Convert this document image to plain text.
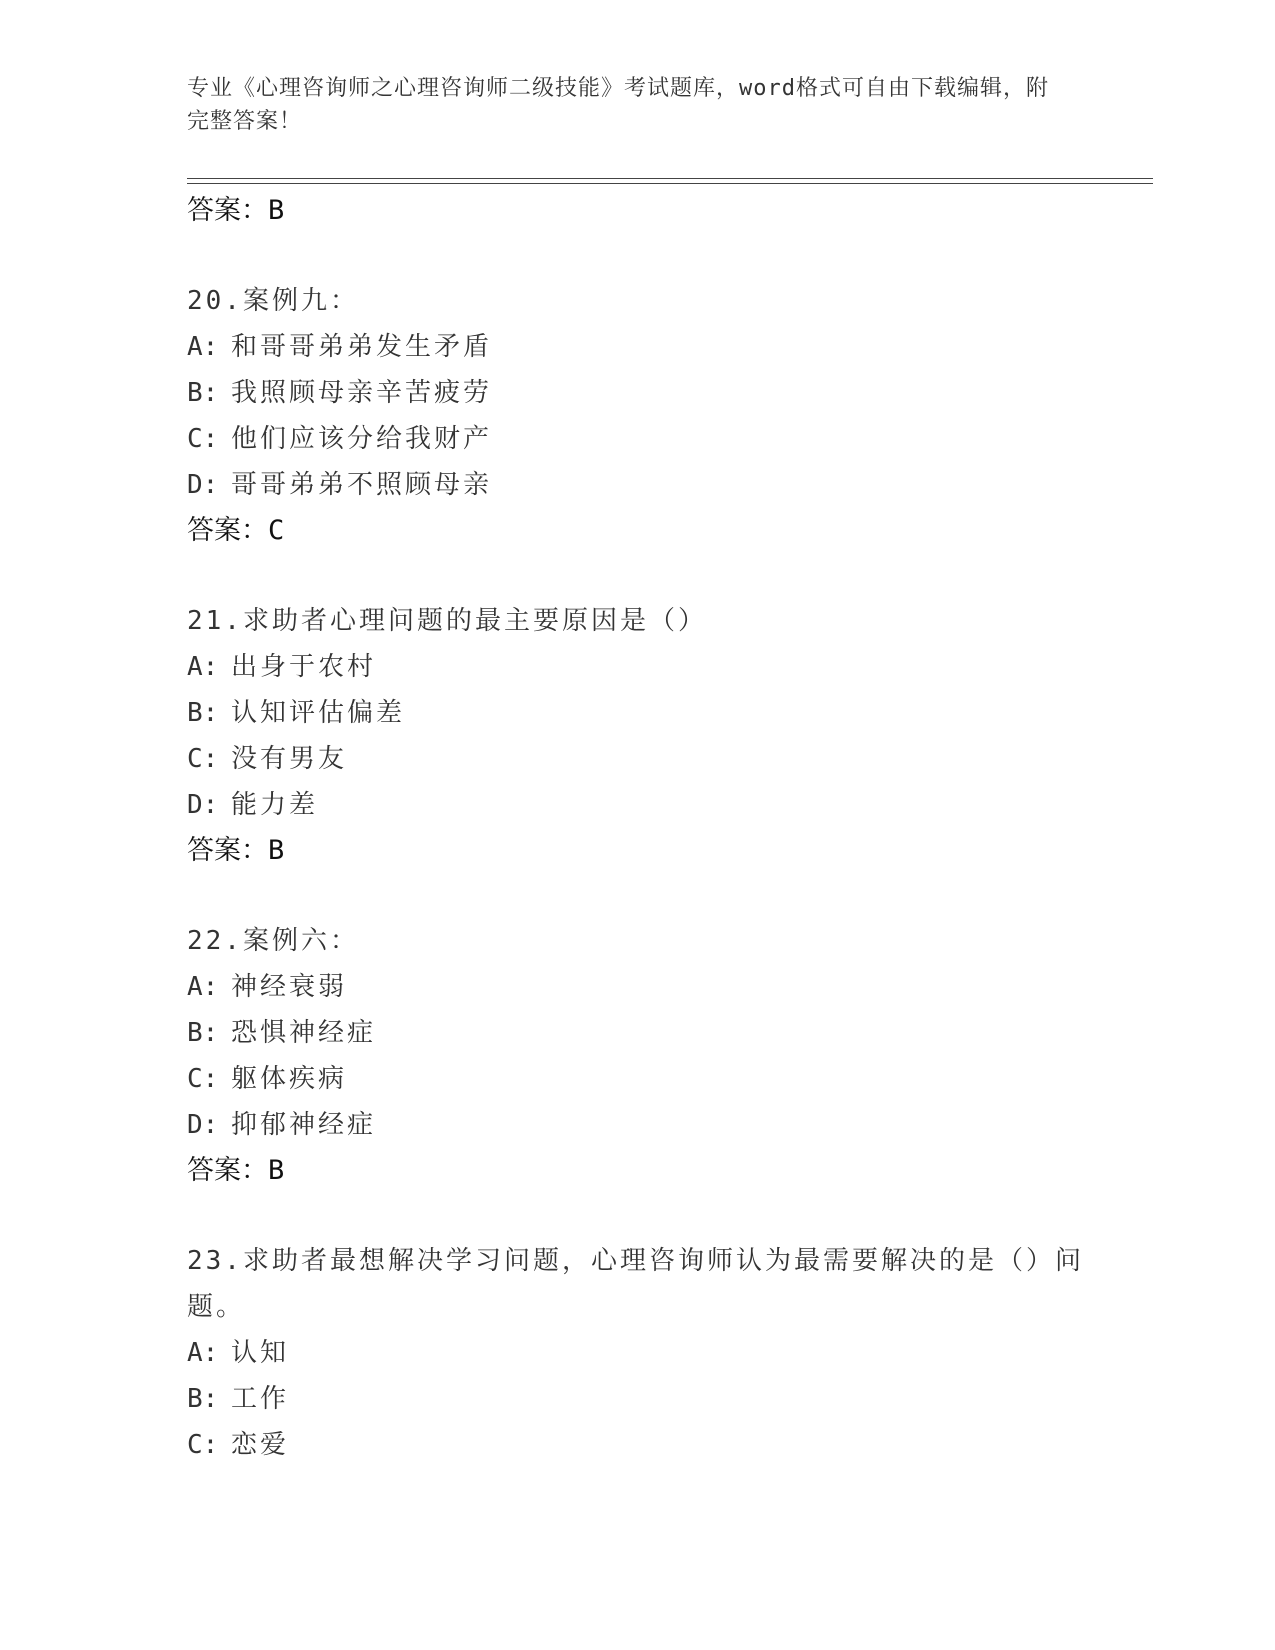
专业《心理咨询师之心理咨询师二级技能》考试题库，word格式可自由下载编辑，附完整答案！
答案：B
20.案例九：
A: 和哥哥弟弟发生矛盾
B: 我照顾母亲辛苦疲劳
C: 他们应该分给我财产
D: 哥哥弟弟不照顾母亲
答案：C
21.求助者心理问题的最主要原因是（）
A: 出身于农村
B: 认知评估偏差
C: 没有男友
D: 能力差
答案：B
22.案例六：
A: 神经衰弱
B: 恐惧神经症
C: 躯体疾病
D: 抑郁神经症
答案：B
23.求助者最想解决学习问题，心理咨询师认为最需要解决的是（）问题。
A: 认知
B: 工作
C: 恋爱
